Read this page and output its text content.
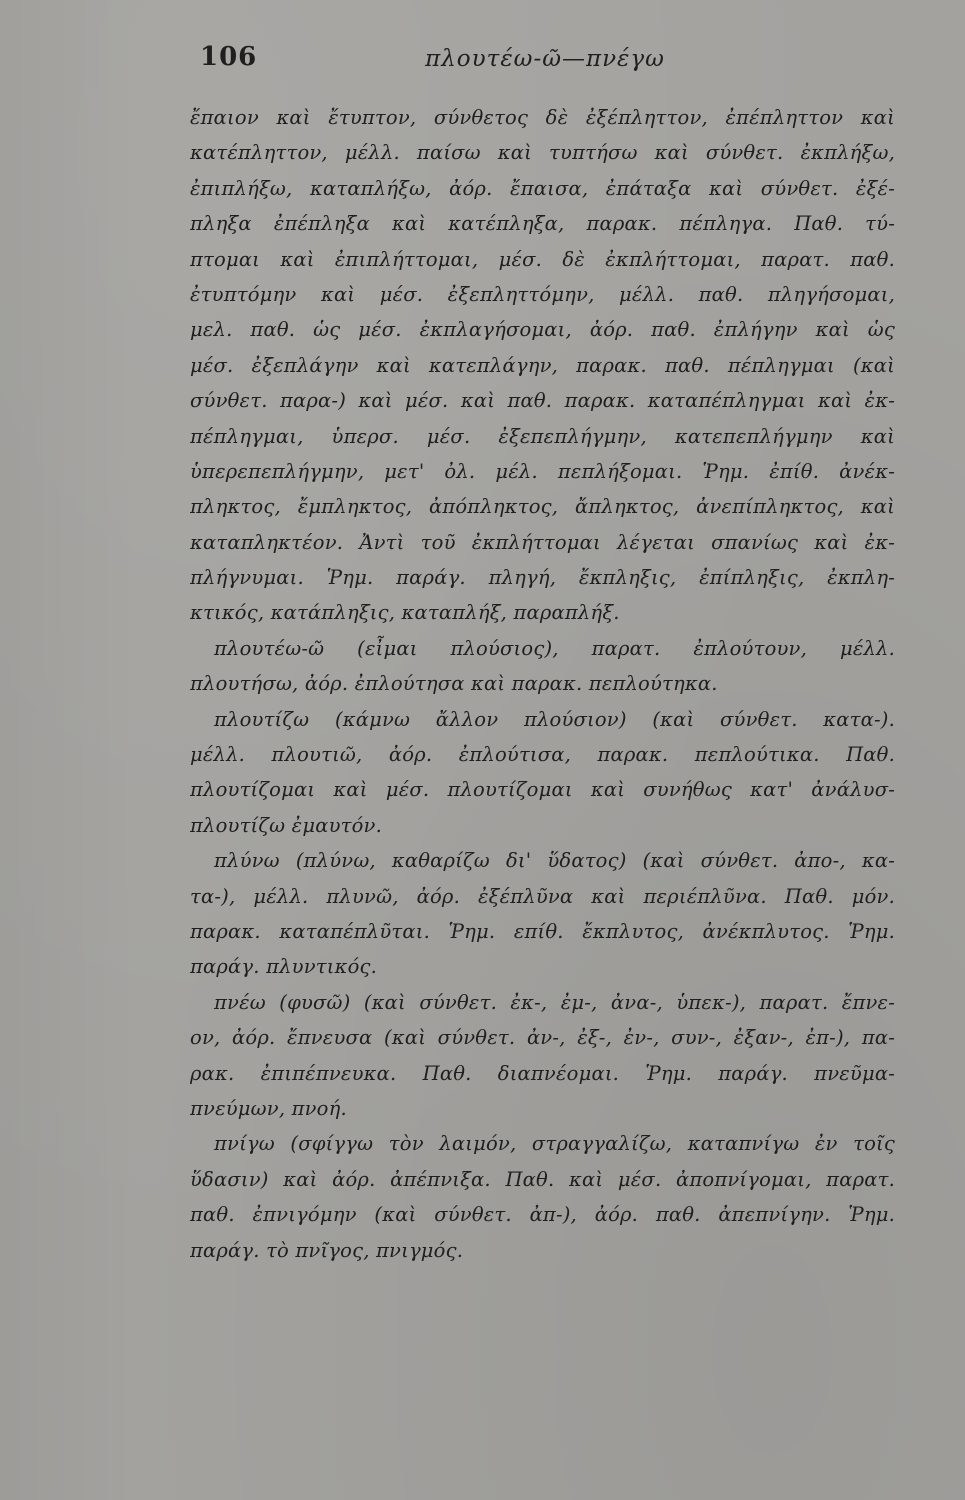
106	πλουτέω-ῶ—πνέγω
ἔπαιον καὶ ἔτυπτον, σύνθετος δὲ ἐξέπληττον, ἐπέπληττον καὶ
κατέπληττον, μέλλ. παίσω καὶ τυπτήσω καὶ σύνθετ. ἐκπλήξω,
ἐπιπλήξω, καταπλήξω, ἀόρ. ἔπαισα, ἐπάταξα καὶ σύνθετ. ἐξέ-
πληξα ἐπέπληξα καὶ κατέπληξα, παρακ. πέπληγα. Παθ. τύ-
πτομαι καὶ ἐπιπλήττομαι, μέσ. δὲ ἐκπλήττομαι, παρατ. παθ.
ἐτυπτόμην καὶ μέσ. ἐξεπληττόμην, μέλλ. παθ. πληγήσομαι,
μελ. παθ. ὡς μέσ. ἐκπλαγήσομαι, ἀόρ. παθ. ἐπλήγην καὶ ὡς
μέσ. ἐξεπλάγην καὶ κατεπλάγην, παρακ. παθ. πέπληγμαι (καὶ
σύνθετ. παρα-) καὶ μέσ. καὶ παθ. παρακ. καταπέπληγμαι καὶ ἐκ-
πέπληγμαι, ὑπερσ. μέσ. ἐξεπεπλήγμην, κατεπεπλήγμην καὶ
ὑπερεπεπλήγμην, μετ' ὀλ. μέλ. πεπλήξομαι. Ῥημ. ἐπίθ. ἀνέκ-
πληκτος, ἔμπληκτος, ἀπόπληκτος, ἄπληκτος, ἀνεπίπληκτος, καὶ
καταπληκτέον. Ἀντὶ τοῦ ἐκπλήττομαι λέγεται σπανίως καὶ ἐκ-
πλήγνυμαι. Ῥημ. παράγ. πληγή, ἔκπληξις, ἐπίπληξις, ἐκπλη-
κτικός, κατάπληξις, καταπλήξ, παραπλήξ.
πλουτέω-ῶ (εἶμαι πλούσιος), παρατ. ἐπλούτουν, μέλλ.
πλουτήσω, ἀόρ. ἐπλούτησα καὶ παρακ. πεπλούτηκα.
πλουτίζω (κάμνω ἄλλον πλούσιον) (καὶ σύνθετ. κατα-).
μέλλ. πλουτιῶ, ἀόρ. ἐπλούτισα, παρακ. πεπλούτικα. Παθ.
πλουτίζομαι καὶ μέσ. πλουτίζομαι καὶ συνήθως κατ' ἀνάλυσ-
πλουτίζω ἐμαυτόν.
πλύνω (πλύνω, καθαρίζω δι' ὕδατος) (καὶ σύνθετ. ἀπο-, κα-
τα-), μέλλ. πλυνῶ, ἀόρ. ἐξέπλῦνα καὶ περιέπλῦνα. Παθ. μόν.
παρακ. καταπέπλῦται. Ῥημ. επίθ. ἔκπλυτος, ἀνέκπλυτος. Ῥημ.
παράγ. πλυντικός.
πνέω (φυσῶ) (καὶ σύνθετ. ἐκ-, ἐμ-, ἀνα-, ὑπεκ-), παρατ. ἔπνε-
ον, ἀόρ. ἔπνευσα (καὶ σύνθετ. ἀν-, ἐξ-, ἐν-, συν-, ἐξαν-, ἐπ-), πα-
ρακ. ἐπιπέπνευκα. Παθ. διαπνέομαι. Ῥημ. παράγ. πνεῦμα-
πνεύμων, πνοή.
πνίγω (σφίγγω τὸν λαιμόν, στραγγαλίζω, καταπνίγω ἐν τοῖς
ὕδασιν) καὶ ἀόρ. ἀπέπνιξα. Παθ. καὶ μέσ. ἀποπνίγομαι, παρατ.
παθ. ἐπνιγόμην (καὶ σύνθετ. ἀπ-), ἀόρ. παθ. ἀπεπνίγην. Ῥημ.
παράγ. τὸ πνῖγος, πνιγμός.
